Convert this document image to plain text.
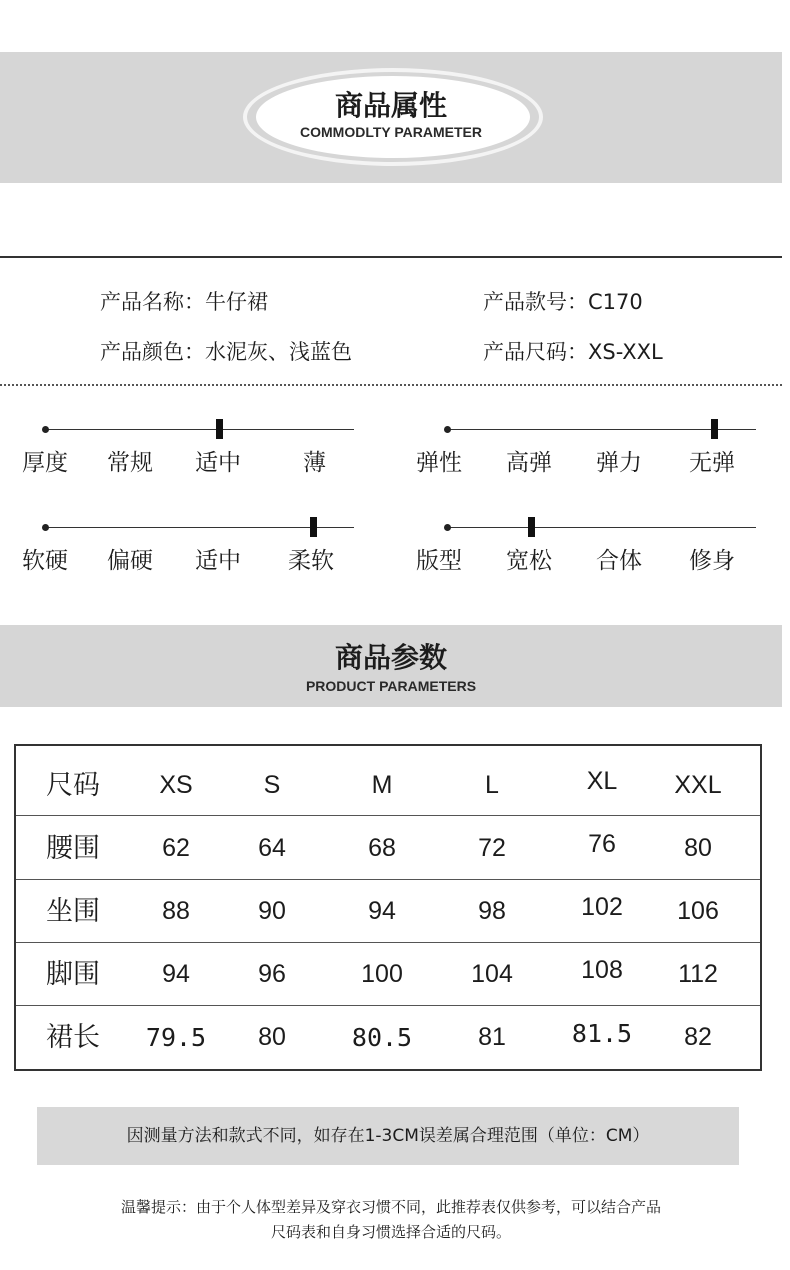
商品属性
COMMODLTY PARAMETER
产品名称：牛仔裙	产品款号：C170
产品颜色：水泥灰、浅蓝色	产品尺码：XS-XXL
厚度 常规 适中	薄	弹性 高弹 弹力 无弹
软硬 偏硬 适中 柔软	版型 宽松 合体 修身
商品参数
PRODUCT PARAMETERS
尺码	XS	S	M	L	XL	XXL
腰围	62	64	68	72	76	80
坐围	88	90	94	98	102	106
脚围	94	96	100	104	108	112
裙长	79.5	80	80.5	81	81.5	82
因测量方法和款式不同，如存在1-3CM误差属合理范围（单位：CM）
温馨提示：由于个人体型差异及穿衣习惯不同，此推荐表仅供参考，可以结合产品
尺码表和自身习惯选择合适的尺码。
